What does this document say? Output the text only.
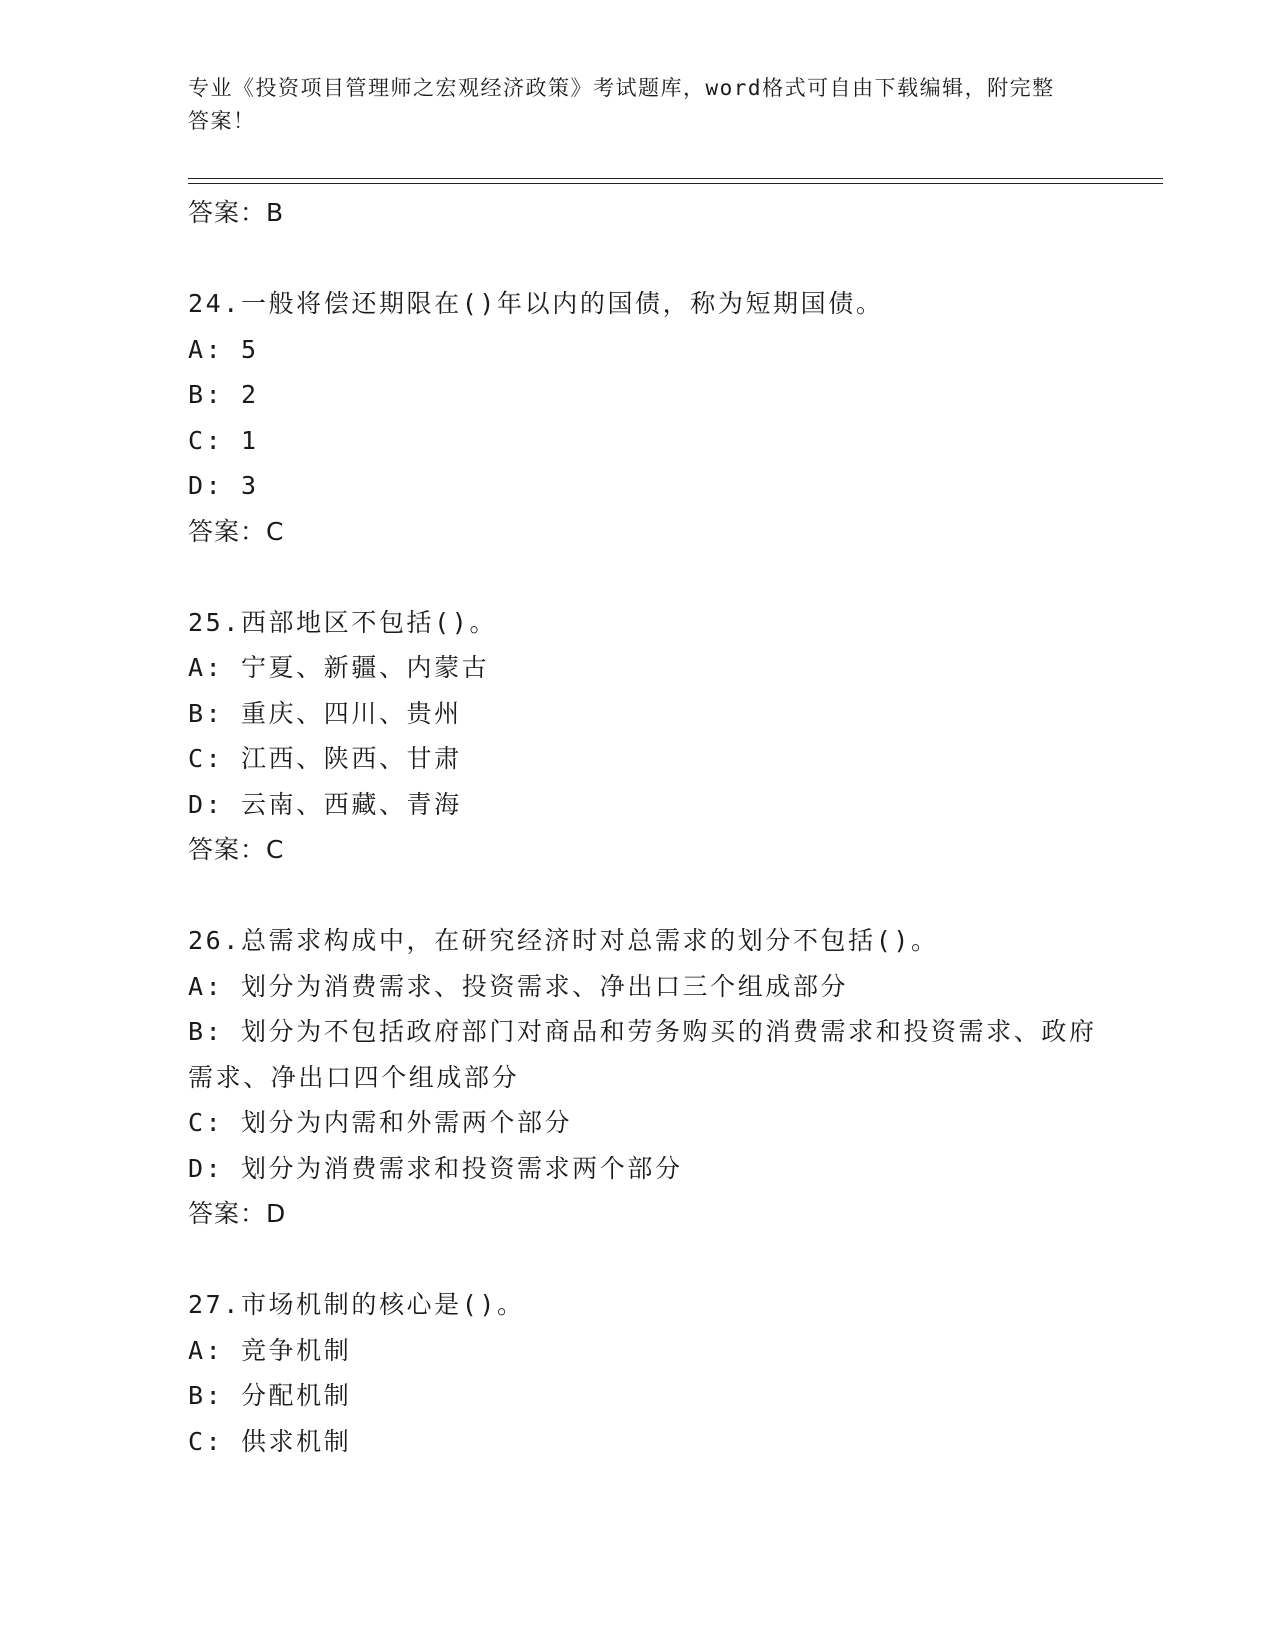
专业《投资项目管理师之宏观经济政策》考试题库，word格式可自由下载编辑，附完整答案！
答案：B
24.一般将偿还期限在()年以内的国债，称为短期国债。
A: 5
B: 2
C: 1
D: 3
答案：C
25.西部地区不包括()。
A: 宁夏、新疆、内蒙古
B: 重庆、四川、贵州
C: 江西、陕西、甘肃
D: 云南、西藏、青海
答案：C
26.总需求构成中，在研究经济时对总需求的划分不包括()。
A: 划分为消费需求、投资需求、净出口三个组成部分
B: 划分为不包括政府部门对商品和劳务购买的消费需求和投资需求、政府需求、净出口四个组成部分
C: 划分为内需和外需两个部分
D: 划分为消费需求和投资需求两个部分
答案：D
27.市场机制的核心是()。
A: 竞争机制
B: 分配机制
C: 供求机制
